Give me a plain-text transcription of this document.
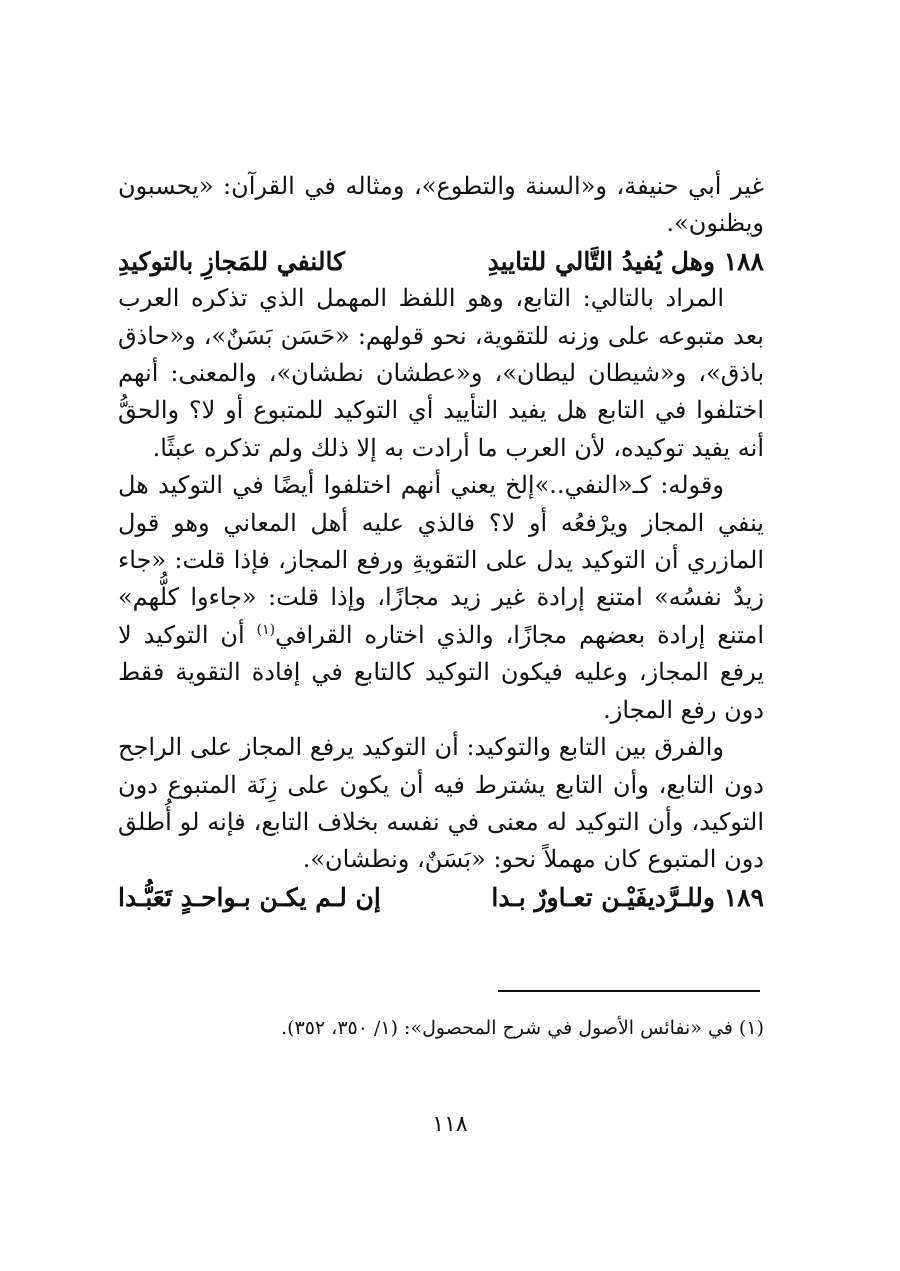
غير أبي حنيفة، و«السنة والتطوع»، ومثاله في القرآن: «يحسبون ويظنون».

١٨٨ وهل يُفيدُ التَّالي للتاييدِ
كالنفي للمَجازِ بالتوكيدِ

المراد بالتالي: التابع، وهو اللفظ المهمل الذي تذكره العرب بعد متبوعه على وزنه للتقوية، نحو قولهم: «حَسَن بَسَنٌ»، و«حاذق باذق»، و«شيطان ليطان»، و«عطشان نطشان»، والمعنى: أنهم اختلفوا في التابع هل يفيد التأييد أي التوكيد للمتبوع أو لا؟ والحقُّ أنه يفيد توكيده، لأن العرب ما أرادت به إلا ذلك ولم تذكره عبثًا.

وقوله: كـ«النفي..»إلخ يعني أنهم اختلفوا أيضًا في التوكيد هل ينفي المجاز ويرْفعُه أو لا؟ فالذي عليه أهل المعاني وهو قول المازري أن التوكيد يدل على التقويةِ ورفع المجاز، فإذا قلت: «جاء زيدٌ نفسُه» امتنع إرادة غير زيد مجازًا، وإذا قلت: «جاءوا كلُّهم» امتنع إرادة بعضهم مجازًا، والذي اختاره القرافي$^{(١)}$ أن التوكيد لا يرفع المجاز، وعليه فيكون التوكيد كالتابع في إفادة التقوية فقط دون رفع المجاز.

والفرق بين التابع والتوكيد: أن التوكيد يرفع المجاز على الراجح دون التابع، وأن التابع يشترط فيه أن يكون على زِنَة المتبوع دون التوكيد، وأن التوكيد له معنى في نفسه بخلاف التابع، فإنه لو أُطلق دون المتبوع كان مهملاً نحو: «بَسَنٌ، ونطشان».

١٨٩ وللـرَّديفَيْـن تعـاورٌ بـدا
إن لـم يكـن بـواحـدٍ تَعَبُّـدا

(١) في «نفائس الأصول في شرح المحصول»: (١/ ٣٥٠، ٣٥٢).
١١٨
